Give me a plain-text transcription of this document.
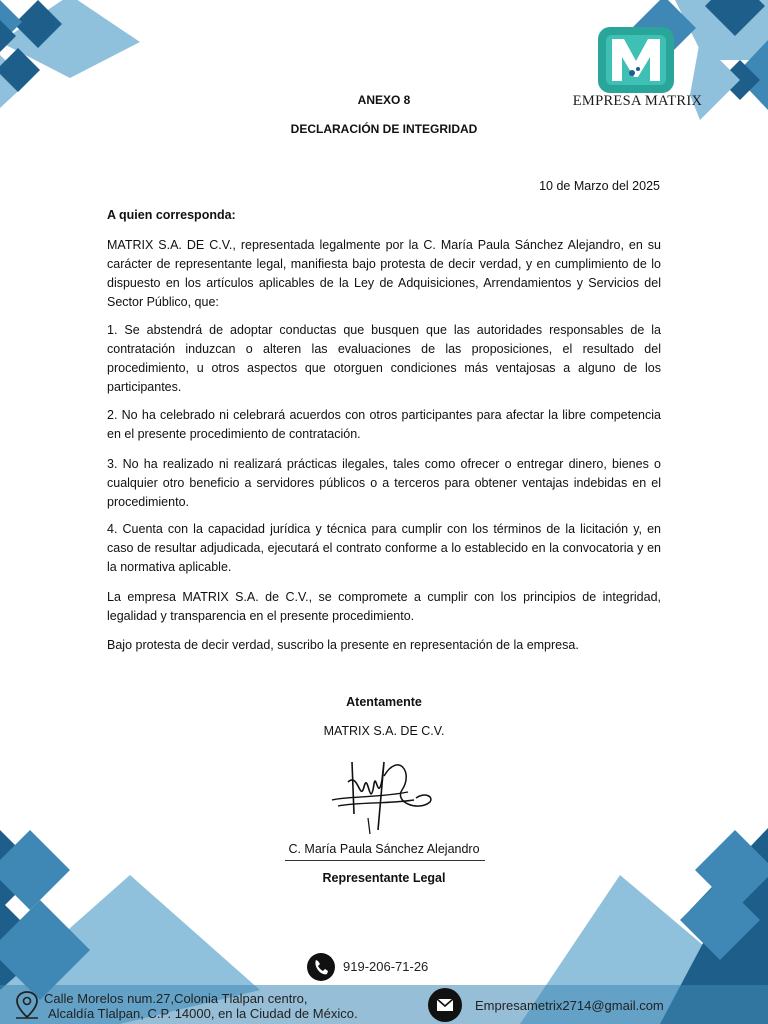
EMPRESA MATRIX
ANEXO 8
DECLARACIÓN DE INTEGRIDAD
10 de Marzo del 2025
A quien corresponda:
MATRIX S.A. DE C.V., representada legalmente por la C. María Paula Sánchez Alejandro, en su carácter de representante legal, manifiesta bajo protesta de decir verdad, y en cumplimiento de lo dispuesto en los artículos aplicables de la Ley de Adquisiciones, Arrendamientos y Servicios del Sector Público, que:
1. Se abstendrá de adoptar conductas que busquen que las autoridades responsables de la contratación induzcan o alteren las evaluaciones de las proposiciones, el resultado del procedimiento, u otros aspectos que otorguen condiciones más ventajosas a alguno de los participantes.
2. No ha celebrado ni celebrará acuerdos con otros participantes para afectar la libre competencia en el presente procedimiento de contratación.
3. No ha realizado ni realizará prácticas ilegales, tales como ofrecer o entregar dinero, bienes o cualquier otro beneficio a servidores públicos o a terceros para obtener ventajas indebidas en el procedimiento.
4. Cuenta con la capacidad jurídica y técnica para cumplir con los términos de la licitación y, en caso de resultar adjudicada, ejecutará el contrato conforme a lo establecido en la convocatoria y en la normativa aplicable.
La empresa MATRIX S.A. de C.V., se compromete a cumplir con los principios de integridad, legalidad y transparencia en el presente procedimiento.
Bajo protesta de decir verdad, suscribo la presente en representación de la empresa.
Atentamente
MATRIX S.A. DE C.V.
C. María Paula Sánchez Alejandro
Representante Legal
919-206-71-26
Calle Morelos num.27,Colonia Tlalpan centro,
Alcaldía Tlalpan, C.P. 14000, en la Ciudad de México.
Empresametrix2714@gmail.com
